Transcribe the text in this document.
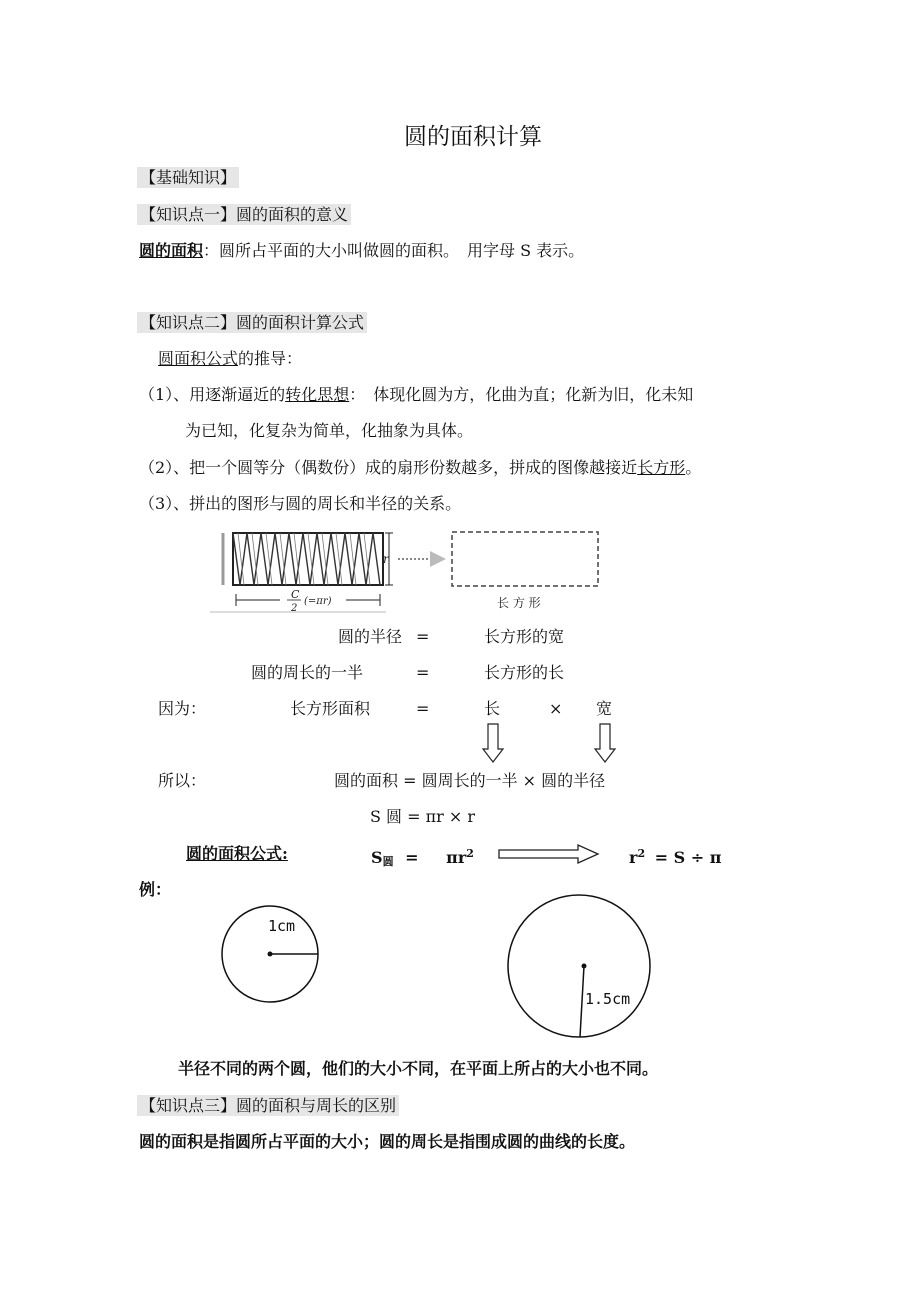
圆的面积计算
【基础知识】
【知识点一】圆的面积的意义
圆的面积：圆所占平面的大小叫做圆的面积。　用字母 S 表示。
【知识点二】圆的面积计算公式
圆面积公式的推导：
（1）、用逐渐逼近的转化思想：　体现化圆为方，化曲为直；化新为旧，化未知
为已知，化复杂为简单，化抽象为具体。
（2）、把一个圆等分（偶数份）成的扇形份数越多，拼成的图像越接近长方形。
（3）、拼出的图形与圆的周长和半径的关系。
r
C
2
(=πr)	长 方 形
1cm
1.5cm
圆的半径 =	长方形的宽
圆的周长的一半	=	长方形的长
因为：	长方形面积	=	长	× 宽
所以：	圆的面积 = 圆周长的一半 × 圆的半径
S 圆 = πr × r
圆的面积公式:	S圆 = $\pi r^2$	$r^2 = S \div \pi$
例：
半径不同的两个圆，他们的大小不同，在平面上所占的大小也不同。
【知识点三】圆的面积与周长的区别
圆的面积是指圆所占平面的大小；圆的周长是指围成圆的曲线的长度。
